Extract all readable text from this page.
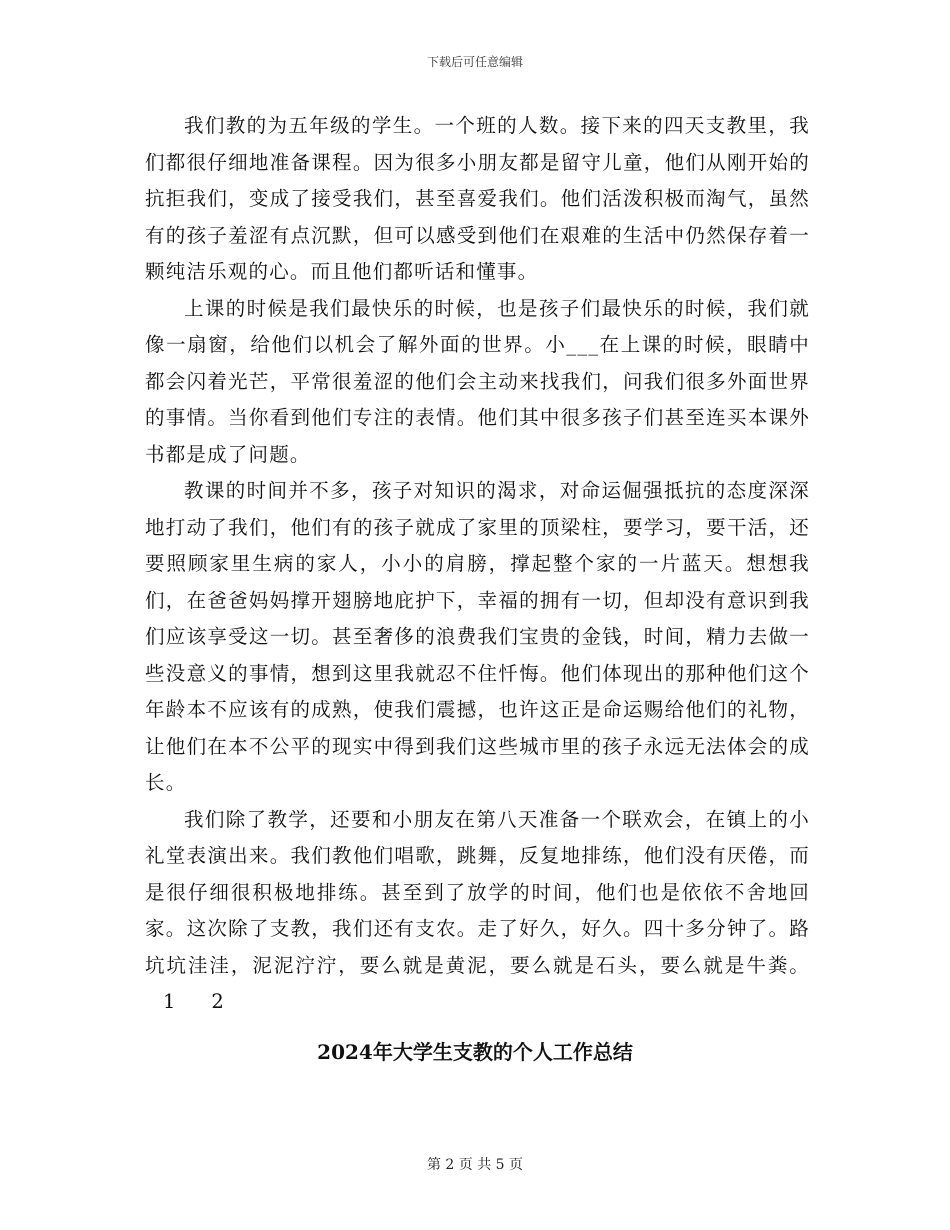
下载后可任意编辑

我们教的为五年级的学生。一个班的人数。接下来的四天支教里，我们都很仔细地准备课程。因为很多小朋友都是留守儿童，他们从刚开始的抗拒我们，变成了接受我们，甚至喜爱我们。他们活泼积极而淘气，虽然有的孩子羞涩有点沉默，但可以感受到他们在艰难的生活中仍然保存着一颗纯洁乐观的心。而且他们都听话和懂事。

上课的时候是我们最快乐的时候，也是孩子们最快乐的时候，我们就像一扇窗，给他们以机会了解外面的世界。小___在上课的时候，眼睛中都会闪着光芒，平常很羞涩的他们会主动来找我们，问我们很多外面世界的事情。当你看到他们专注的表情。他们其中很多孩子们甚至连买本课外书都是成了问题。

教课的时间并不多，孩子对知识的渴求，对命运倔强抵抗的态度深深地打动了我们，他们有的孩子就成了家里的顶梁柱，要学习，要干活，还要照顾家里生病的家人，小小的肩膀，撑起整个家的一片蓝天。想想我们，在爸爸妈妈撑开翅膀地庇护下，幸福的拥有一切，但却没有意识到我们应该享受这一切。甚至奢侈的浪费我们宝贵的金钱，时间，精力去做一些没意义的事情，想到这里我就忍不住忏悔。他们体现出的那种他们这个年龄本不应该有的成熟，使我们震撼，也许这正是命运赐给他们的礼物，让他们在本不公平的现实中得到我们这些城市里的孩子永远无法体会的成长。

我们除了教学，还要和小朋友在第八天准备一个联欢会，在镇上的小礼堂表演出来。我们教他们唱歌，跳舞，反复地排练，他们没有厌倦，而是很仔细很积极地排练。甚至到了放学的时间，他们也是依依不舍地回家。这次除了支教，我们还有支农。走了好久，好久。四十多分钟了。路坑坑洼洼，泥泥泞泞，要么就是黄泥，要么就是石头，要么就是牛粪。1 2

2024年大学生支教的个人工作总结
第 2 页 共 5 页
